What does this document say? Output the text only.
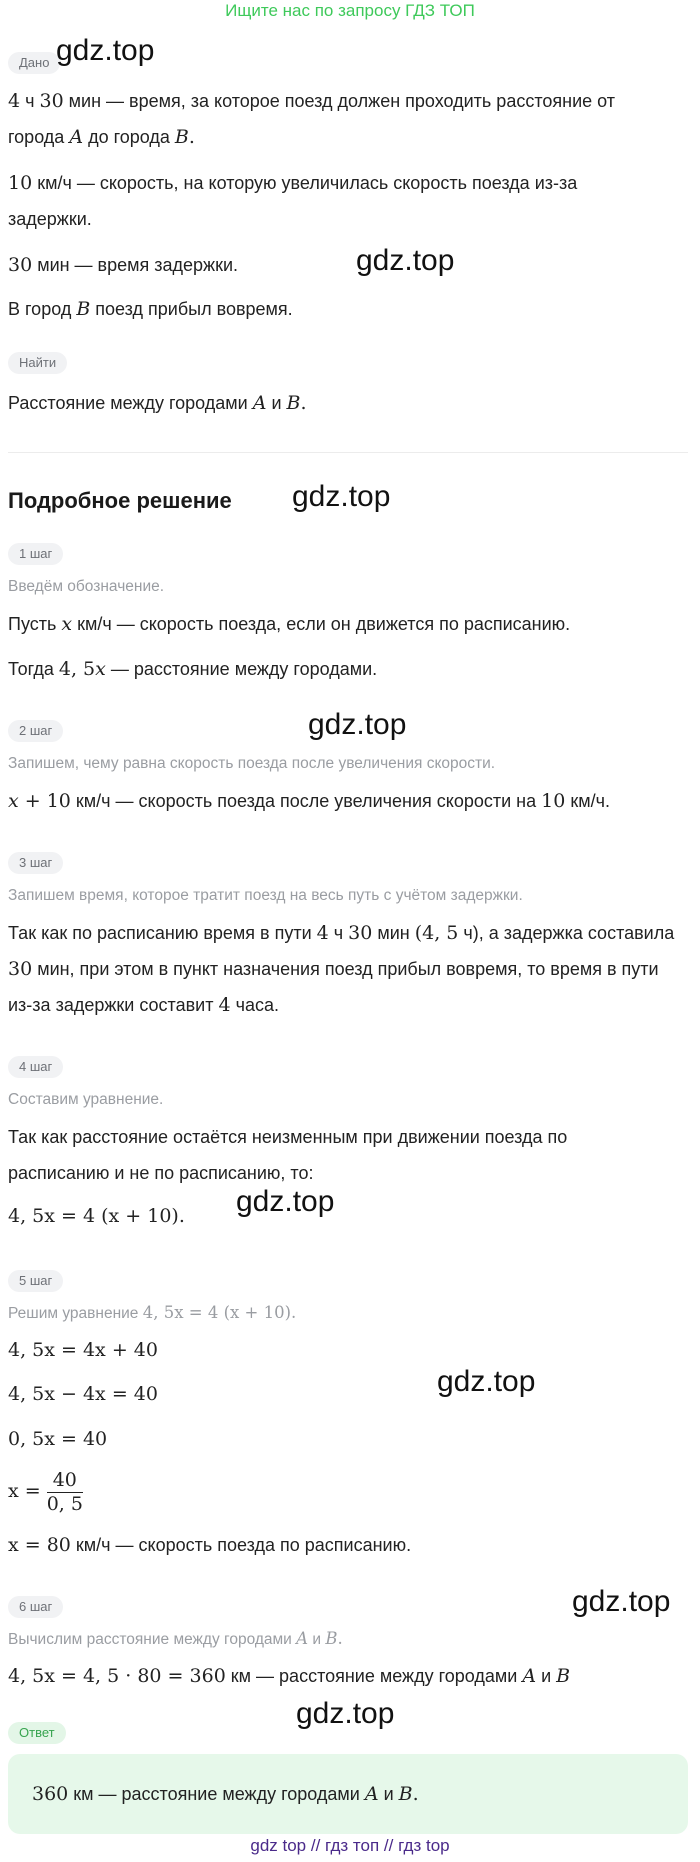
Ищите нас по запросу ГДЗ ТОП
Дано
4 ч 30 мин — время, за которое поезд должен проходить расстояние от
города A до города B.
10 км/ч — скорость, на которую увеличилась скорость поезда из-за
задержки.
30 мин — время задержки.
В город B поезд прибыл вовремя.
Найти
Расстояние между городами A и B.
Подробное решение
1 шаг
Введём обозначение.
Пусть x км/ч — скорость поезда, если он движется по расписанию.
Тогда 4, 5x — расстояние между городами.
2 шаг
Запишем, чему равна скорость поезда после увеличения скорости.
x + 10 км/ч — скорость поезда после увеличения скорости на 10 км/ч.
3 шаг
Запишем время, которое тратит поезд на весь путь с учётом задержки.
Так как по расписанию время в пути 4 ч 30 мин (4, 5 ч), а задержка составила
30 мин, при этом в пункт назначения поезд прибыл вовремя, то время в пути
из-за задержки составит 4 часа.
4 шаг
Составим уравнение.
Так как расстояние остаётся неизменным при движении поезда по
расписанию и не по расписанию, то:
4, 5x = 4 (x + 10).
5 шаг
Решим уравнение 4, 5x = 4 (x + 10).
4, 5x = 4x + 40
4, 5x − 4x = 40
0, 5x = 40
$x = \frac{40}{0, 5}$
x = 80 км/ч — скорость поезда по расписанию.
6 шаг
Вычислим расстояние между городами A и B.
4, 5x = 4, 5 · 80 = 360 км — расстояние между городами A и B
Ответ
360 км — расстояние между городами A и B.
gdz.top
gdz.top
gdz.top
gdz.top
gdz.top
gdz.top
gdz.top
gdz.top
gdz top // гдз топ // гдз top
